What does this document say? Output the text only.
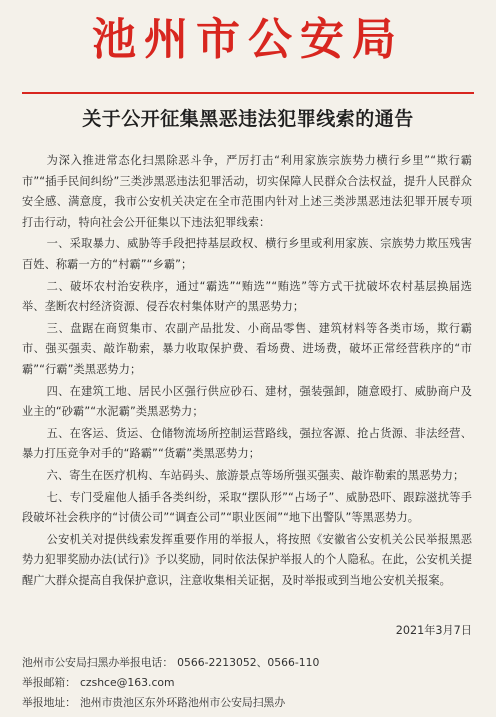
池州市公安局
关于公开征集黑恶违法犯罪线索的通告

为深入推进常态化扫黑除恶斗争，严厉打击“利用家族宗族势力横行乡里”“欺行霸市”“插手民间纠纷”三类涉黑恶违法犯罪活动，切实保障人民群众合法权益，提升人民群众安全感、满意度，我市公安机关决定在全市范围内针对上述三类涉黑恶违法犯罪开展专项打击行动，特向社会公开征集以下违法犯罪线索：

一、采取暴力、威胁等手段把持基层政权、横行乡里或利用家族、宗族势力欺压残害百姓、称霸一方的“村霸”“乡霸”；

二、破坏农村治安秩序，通过“霸选”“贿选”“贿选”等方式干扰破坏农村基层换届选举、垄断农村经济资源、侵吞农村集体财产的黑恶势力；

三、盘踞在商贸集市、农副产品批发、小商品零售、建筑材料等各类市场，欺行霸市、强买强卖、敲诈勒索，暴力收取保护费、看场费、进场费，破坏正常经营秩序的“市霸”“行霸”类黑恶势力；

四、在建筑工地、居民小区强行供应砂石、建材，强装强卸，随意殴打、威胁商户及业主的“砂霸”“水泥霸”类黑恶势力；

五、在客运、货运、仓储物流场所控制运营路线，强拉客源、抢占货源、非法经营、暴力打压竞争对手的“路霸”“货霸”类黑恶势力；

六、寄生在医疗机构、车站码头、旅游景点等场所强买强卖、敲诈勒索的黑恶势力；

七、专门受雇他人插手各类纠纷，采取“摆队形”“占场子”、威胁恐吓、跟踪滋扰等手段破坏社会秩序的“讨债公司”“调查公司”“职业医闹”“地下出警队”等黑恶势力。

公安机关对提供线索发挥重要作用的举报人，将按照《安徽省公安机关公民举报黑恶势力犯罪奖励办法(试行)》予以奖励，同时依法保护举报人的个人隐私。在此，公安机关提醒广大群众提高自我保护意识，注意收集相关证据，及时举报或到当地公安机关报案。

2021年3月7日
池州市公安局扫黑办举报电话： 0566-2213052、0566-110
举报邮箱： czshce@163.com
举报地址： 池州市贵池区东外环路池州市公安局扫黑办
